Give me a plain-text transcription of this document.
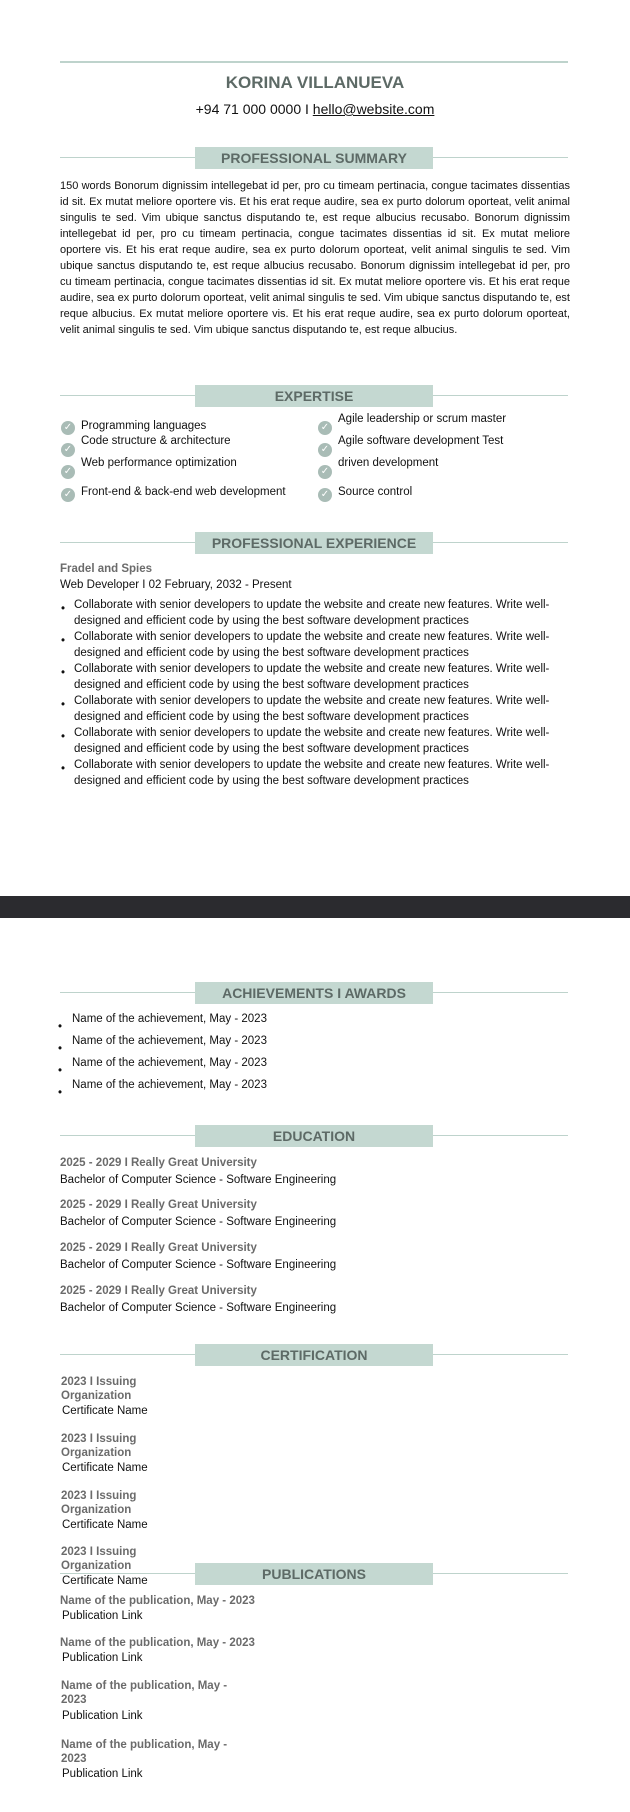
KORINA VILLANUEVA
+94 71 000 0000 I hello@website.com
PROFESSIONAL SUMMARY
150 words Bonorum dignissim intellegebat id per, pro cu timeam pertinacia, congue tacimates dissentias id sit. Ex mutat meliore oportere vis. Et his erat reque audire, sea ex purto dolorum oporteat, velit animal singulis te sed. Vim ubique sanctus disputando te, est reque albucius recusabo. Bonorum dignissim intellegebat id per, pro cu timeam pertinacia, congue tacimates dissentias id sit. Ex mutat meliore oportere vis. Et his erat reque audire, sea ex purto dolorum oporteat, velit animal singulis te sed. Vim ubique sanctus disputando te, est reque albucius recusabo. Bonorum dignissim intellegebat id per, pro cu timeam pertinacia, congue tacimates dissentias id sit. Ex mutat meliore oportere vis. Et his erat reque audire, sea ex purto dolorum oporteat, velit animal singulis te sed. Vim ubique sanctus disputando te, est reque albucius. Ex mutat meliore oportere vis. Et his erat reque audire, sea ex purto dolorum oporteat, velit animal singulis te sed. Vim ubique sanctus disputando te, est reque albucius.
EXPERTISE
✓ Programming languages
✓
Code structure & architecture
✓
Web performance optimization
✓ Front-end & back-end web development
✓
Agile leadership or scrum master
✓
Agile software development Test
✓
driven development
✓ Source control
PROFESSIONAL EXPERIENCE
Fradel and Spies
Web Developer I 02 February, 2032 - Present
• Collaborate with senior developers to update the website and create new features. Write well-designed and efficient code by using the best software development practices
• Collaborate with senior developers to update the website and create new features. Write well-designed and efficient code by using the best software development practices
• Collaborate with senior developers to update the website and create new features. Write well-designed and efficient code by using the best software development practices
• Collaborate with senior developers to update the website and create new features. Write well-designed and efficient code by using the best software development practices
• Collaborate with senior developers to update the website and create new features. Write well-designed and efficient code by using the best software development practices
• Collaborate with senior developers to update the website and create new features. Write well-designed and efficient code by using the best software development practices
ACHIEVEMENTS I AWARDS
•
Name of the achievement, May - 2023
•
Name of the achievement, May - 2023
•
Name of the achievement, May - 2023
•
Name of the achievement, May - 2023
EDUCATION
2025 - 2029 I Really Great University
Bachelor of Computer Science - Software Engineering
2025 - 2029 I Really Great University
Bachelor of Computer Science - Software Engineering
2025 - 2029 I Really Great University
Bachelor of Computer Science - Software Engineering
2025 - 2029 I Really Great University
Bachelor of Computer Science - Software Engineering
CERTIFICATION
2023 I Issuing Organization
Certificate Name
2023 I Issuing Organization
Certificate Name
2023 I Issuing Organization
Certificate Name
2023 I Issuing Organization
Certificate Name	PUBLICATIONS
Name of the publication, May - 2023
Publication Link
Name of the publication, May - 2023
Publication Link
Name of the publication, May - 2023
Publication Link
Name of the publication, May - 2023
Publication Link
